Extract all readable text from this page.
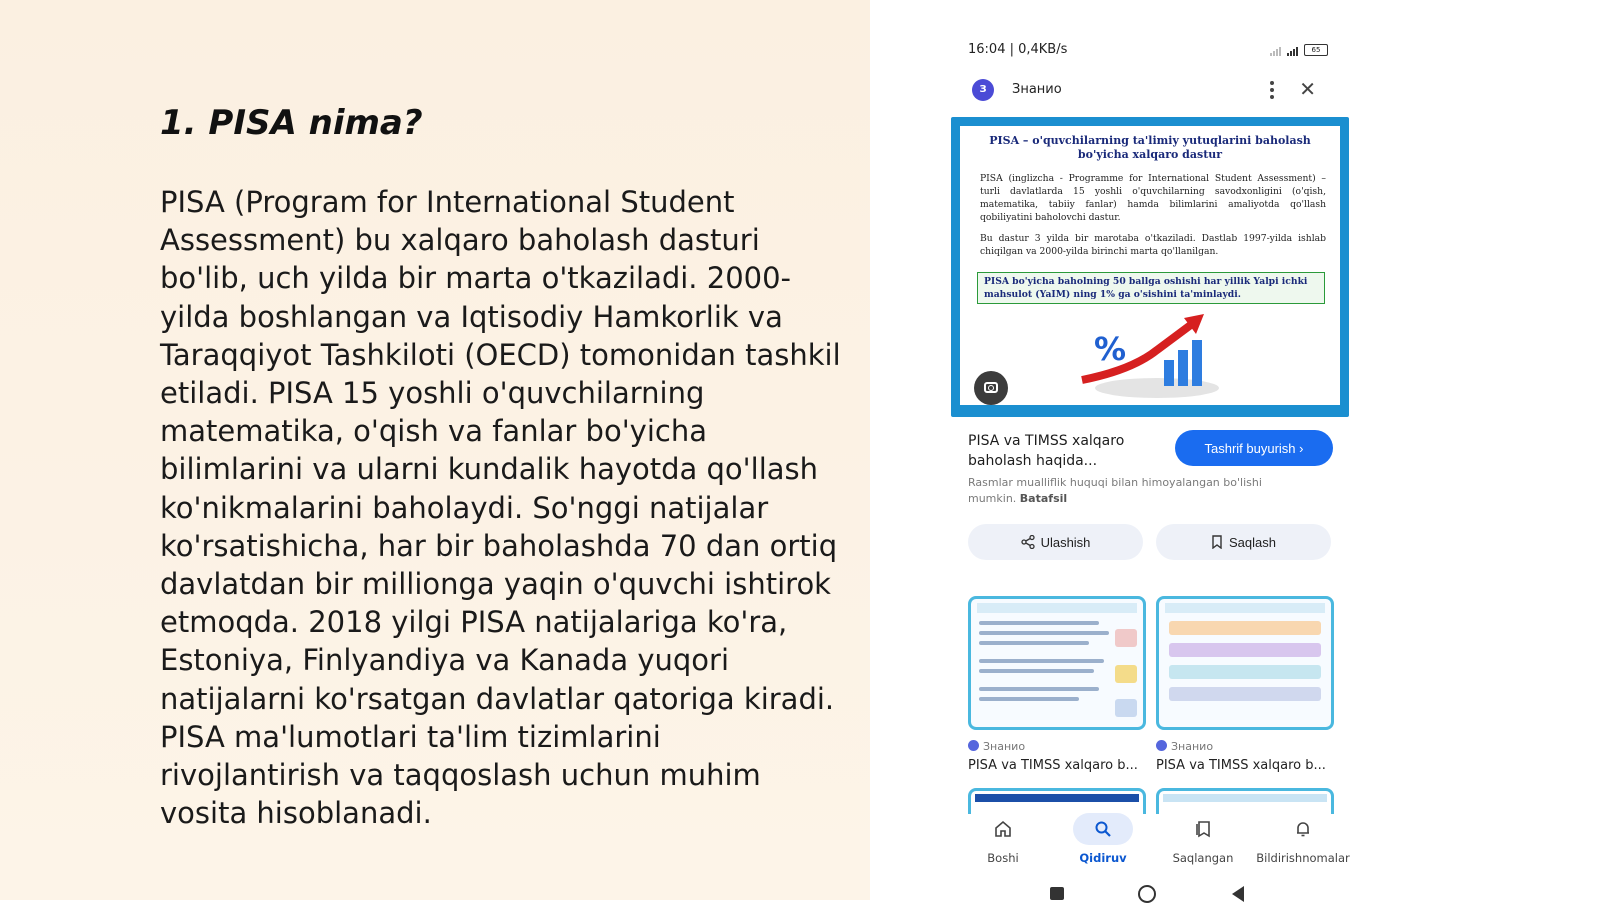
1. PISA nima?

PISA (Program for International Student Assessment) bu xalqaro baholash dasturi bo'lib, uch yilda bir marta o'tkaziladi. 2000-yilda boshlangan va Iqtisodiy Hamkorlik va Taraqqiyot Tashkiloti (OECD) tomonidan tashkil etiladi. PISA 15 yoshli o'quvchilarning matematika, o'qish va fanlar bo'yicha bilimlarini va ularni kundalik hayotda qo'llash ko'nikmalarini baholaydi. So'nggi natijalar ko'rsatishicha, har bir baholashda 70 dan ortiq davlatdan bir millionga yaqin o'quvchi ishtirok etmoqda. 2018 yilgi PISA natijalariga ko'ra, Estoniya, Finlyandiya va Kanada yuqori natijalarni ko'rsatgan davlatlar qatoriga kiradi. PISA ma'lumotlari ta'lim tizimlarini rivojlantirish va taqqoslash uchun muhim vosita hisoblanadi.

16:04 | 0,4KB/s	65
З	Знанио	✕
PISA – o'quvchilarning ta'limiy yutuqlarini baholash bo'yicha xalqaro dastur
PISA (inglizcha - Programme for International Student Assessment) – turli davlatlarda 15 yoshli o'quvchilarning savodxonligini (o'qish, matematika, tabiiy fanlar) hamda bilimlarini amaliyotda qo'llash qobiliyatini baholovchi dastur.
Bu dastur 3 yilda bir marotaba o'tkaziladi. Dastlab 1997-yilda ishlab chiqilgan va 2000-yilda birinchi marta qo'llanilgan.
PISA bo'yicha baholning 50 ballga oshishi har yillik Yalpi ichki mahsulot (YaIM) ning 1% ga o'sishini ta'minlaydi.
%
PISA va TIMSS xalqaro baholash haqida...
Tashrif buyurish ›
Rasmlar mualliflik huquqi bilan himoyalangan bo'lishi mumkin. Batafsil
Ulashish	Saqlash
Знанио	Знанио
PISA va TIMSS xalqaro b...	PISA va TIMSS xalqaro b...
Boshi	Qidiruv	Saqlangan	Bildirishnomalar
